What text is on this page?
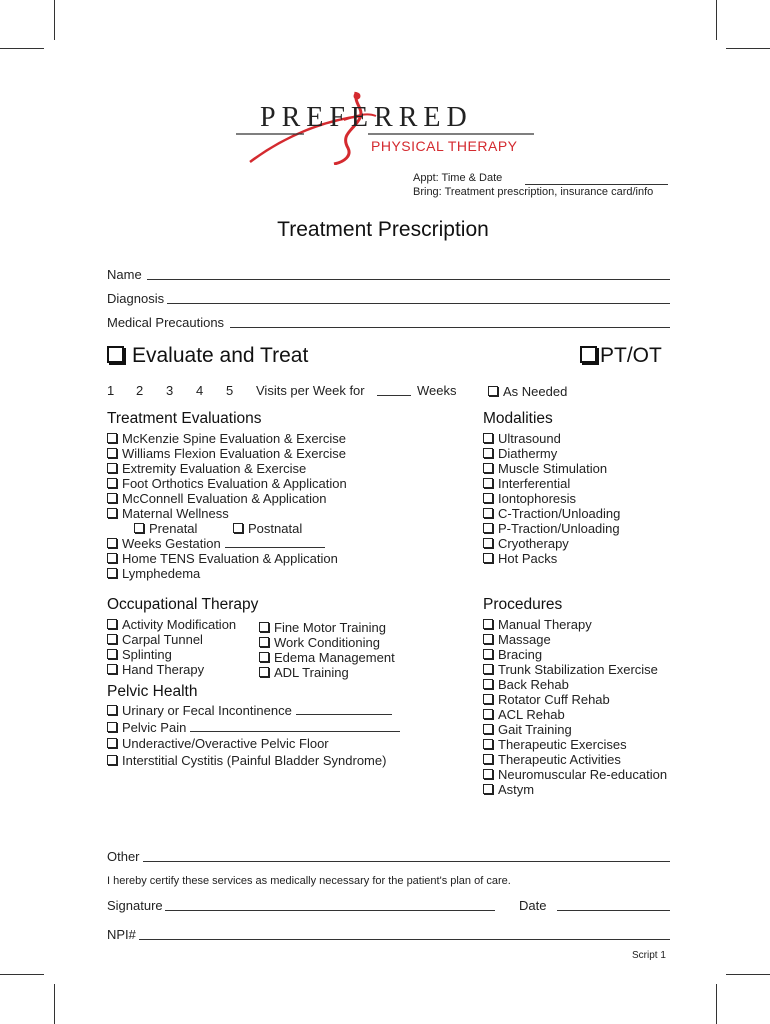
PREFERRED
PHYSICAL THERAPY
Appt: Time & Date
Bring: Treatment prescription, insurance card/info
Treatment Prescription
Name
Diagnosis
Medical Precautions
Evaluate and Treat	PT/OT
1 2 3 4 5 Visits per Week for	Weeks	As Needed
Treatment Evaluations
McKenzie Spine Evaluation & Exercise
Williams Flexion Evaluation & Exercise
Extremity Evaluation & Exercise
Foot Orthotics Evaluation & Application
McConnell Evaluation & Application
Maternal Wellness
Prenatal	Postnatal
Weeks Gestation
Home TENS Evaluation & Application
Lymphedema
Modalities
Ultrasound
Diathermy
Muscle Stimulation
Interferential
Iontophoresis
C-Traction/Unloading
P-Traction/Unloading
Cryotherapy
Hot Packs
Occupational Therapy
Activity Modification
Carpal Tunnel
Splinting
Hand Therapy
Fine Motor Training
Work Conditioning
Edema Management
ADL Training
Pelvic Health
Urinary or Fecal Incontinence
Pelvic Pain
Underactive/Overactive Pelvic Floor
Interstitial Cystitis (Painful Bladder Syndrome)
Procedures
Manual Therapy
Massage
Bracing
Trunk Stabilization Exercise
Back Rehab
Rotator Cuff Rehab
ACL Rehab
Gait Training
Therapeutic Exercises
Therapeutic Activities
Neuromuscular Re-education
Astym
Other
I hereby certify these services as medically necessary for the patient's plan of care.
Signature	Date
NPI#
Script 1
